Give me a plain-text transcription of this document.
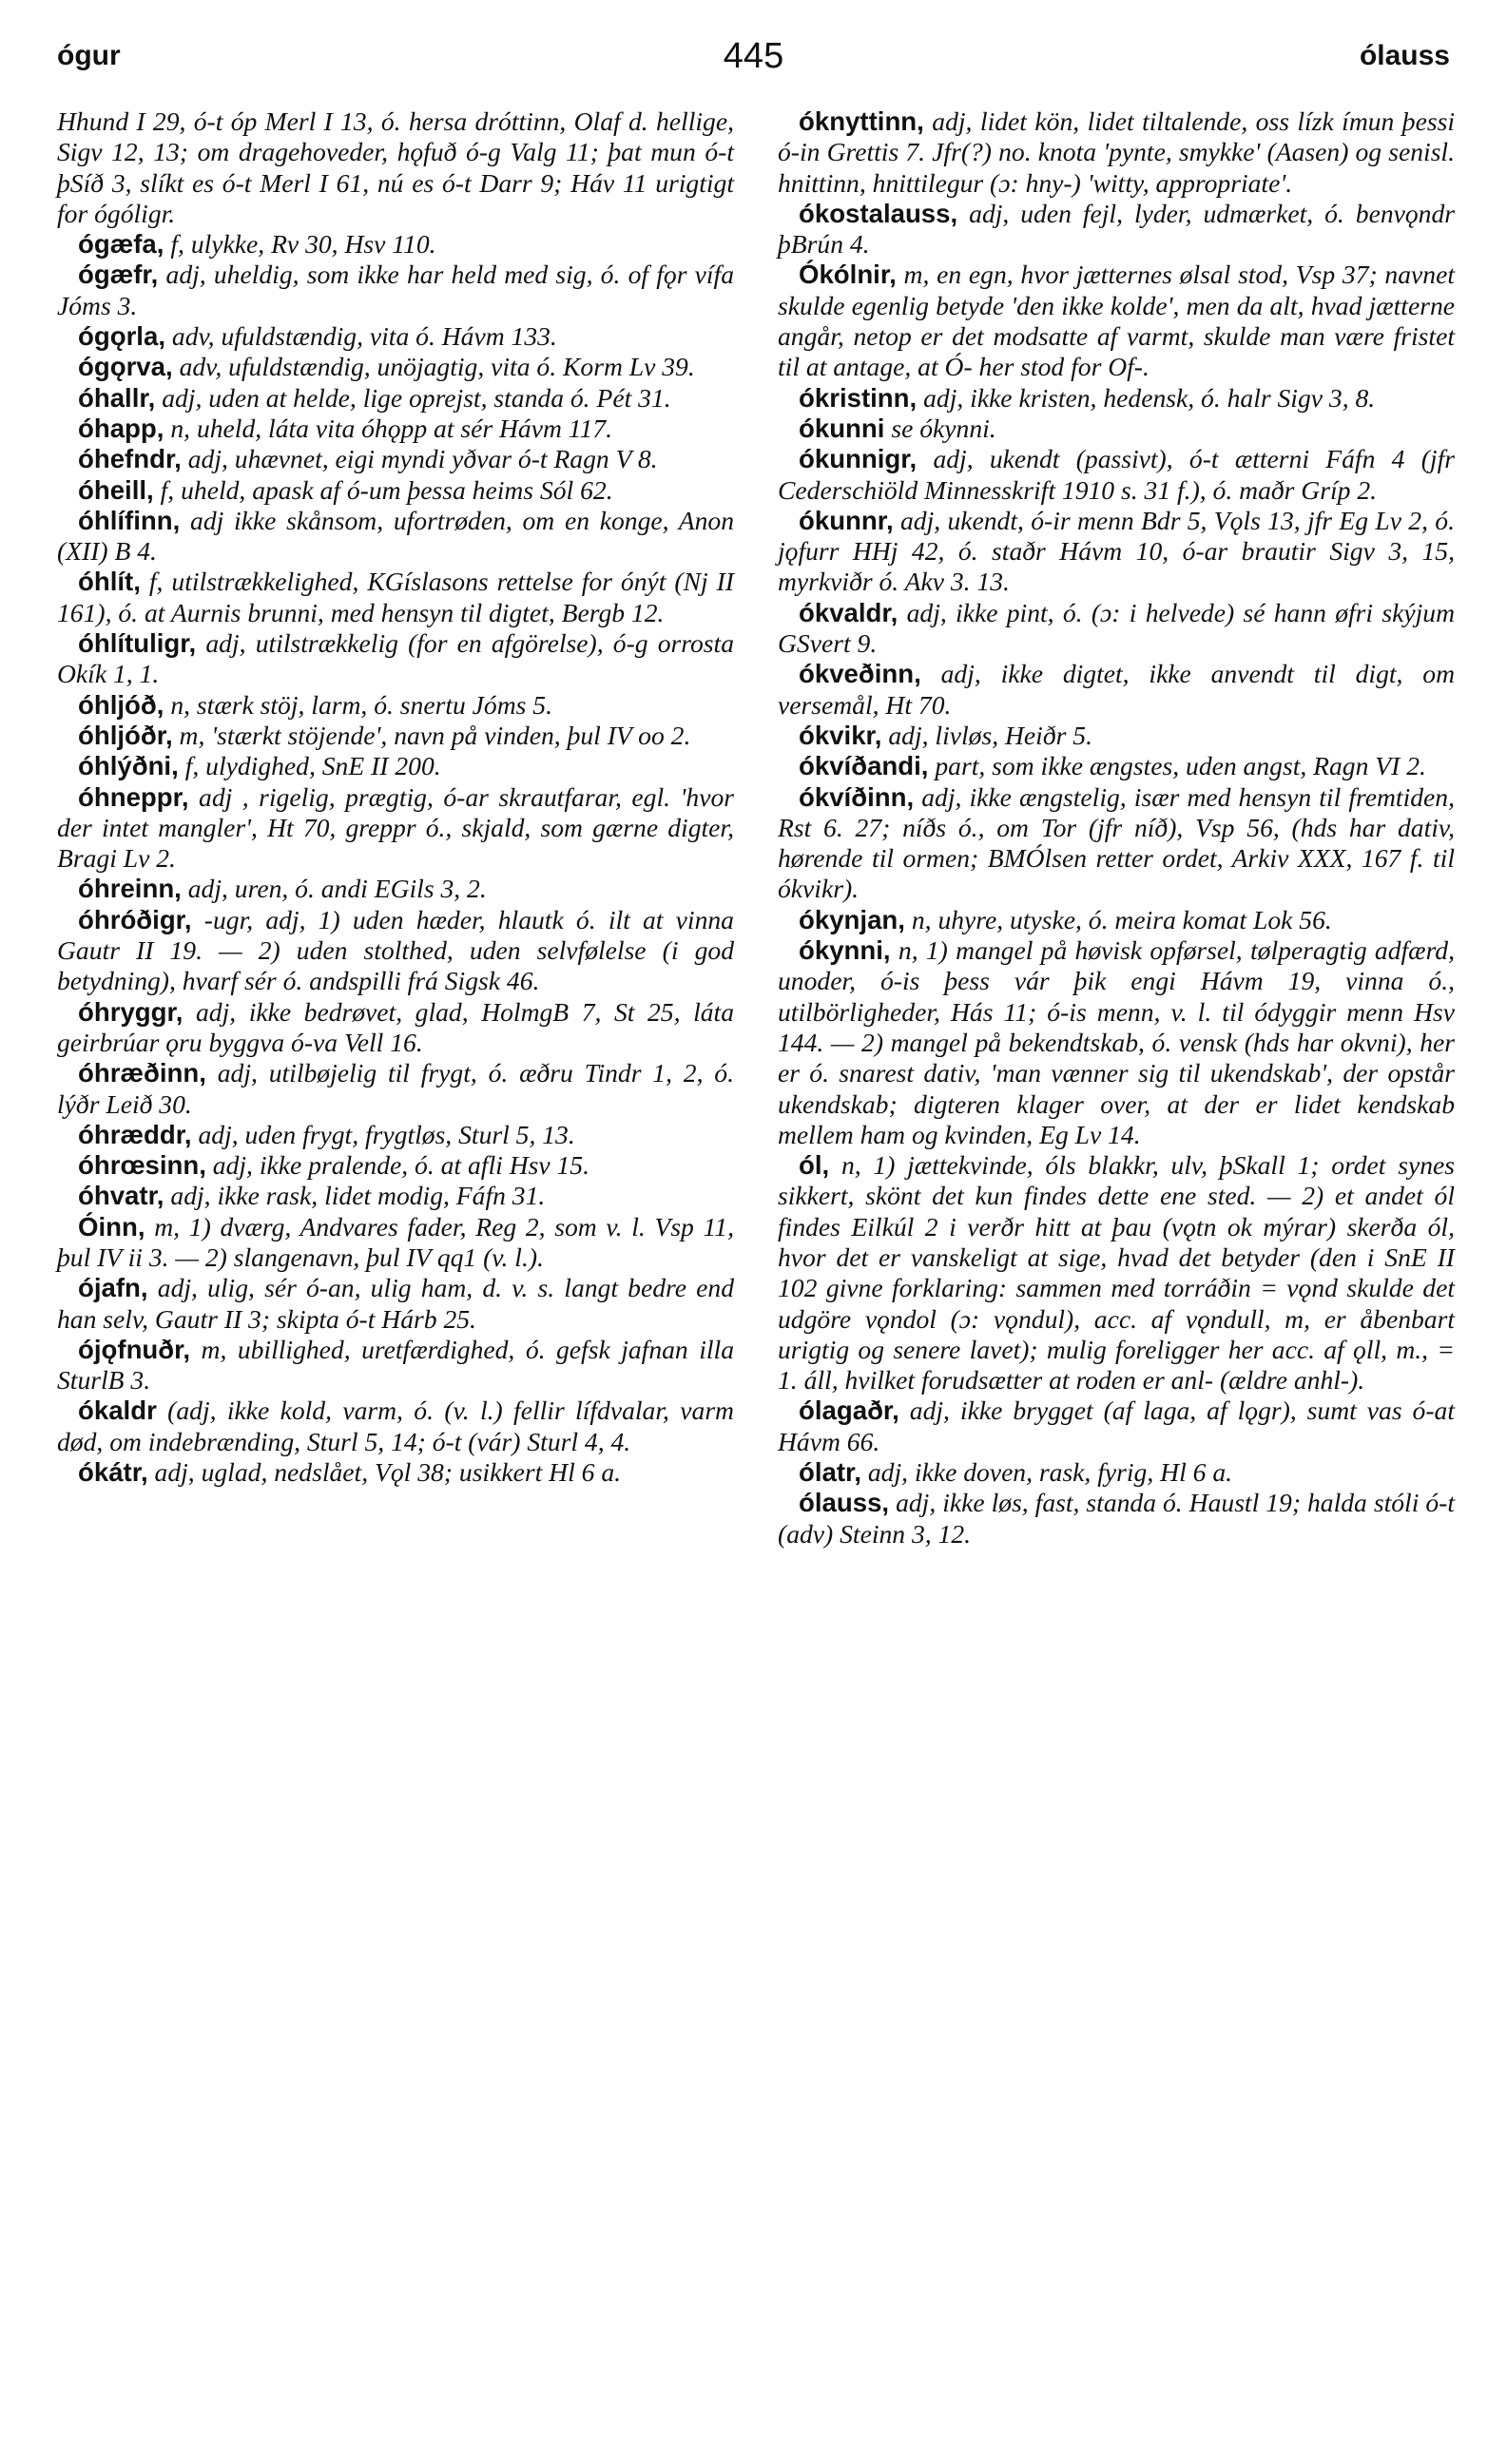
ógur	445	ólauss

Hhund I 29, ó-t óp Merl I 13, ó. hersa dróttinn, Olaf d. hellige, Sigv 12, 13; om dragehoveder, hǫfuð ó-g Valg 11; þat mun ó-t þSíð 3, slíkt es ó-t Merl I 61, nú es ó-t Darr 9; Háv 11 urigtigt for ógóligr.

ógæfa, f, ulykke, Rv 30, Hsv 110.

ógæfr, adj, uheldig, som ikke har held med sig, ó. of fǫr vífa Jóms 3.

ógǫrla, adv, ufuldstændig, vita ó. Hávm 133.

ógǫrva, adv, ufuldstændig, unöjagtig, vita ó. Korm Lv 39.

óhallr, adj, uden at helde, lige oprejst, standa ó. Pét 31.

óhapp, n, uheld, láta vita óhǫpp at sér Hávm 117.

óhefndr, adj, uhævnet, eigi myndi yðvar ó-t Ragn V 8.

óheill, f, uheld, apask af ó-um þessa heims Sól 62.

óhlífinn, adj ikke skånsom, ufortrøden, om en konge, Anon (XII) B 4.

óhlít, f, utilstrækkelighed, KGíslasons rettelse for ónýt (Nj II 161), ó. at Aurnis brunni, med hensyn til digtet, Bergb 12.

óhlítuligr, adj, utilstrækkelig (for en afgörelse), ó-g orrosta Okík 1, 1.

óhljóð, n, stærk stöj, larm, ó. snertu Jóms 5.

óhljóðr, m, 'stærkt stöjende', navn på vinden, þul IV oo 2.

óhlýðni, f, ulydighed, SnE II 200.

óhneppr, adj , rigelig, prægtig, ó-ar skrautfarar, egl. 'hvor der intet mangler', Ht 70, greppr ó., skjald, som gærne digter, Bragi Lv 2.

óhreinn, adj, uren, ó. andi EGils 3, 2.

óhróðigr, -ugr, adj, 1) uden hæder, hlautk ó. ilt at vinna Gautr II 19. — 2) uden stolthed, uden selvfølelse (i god betydning), hvarf sér ó. andspilli frá Sigsk 46.

óhryggr, adj, ikke bedrøvet, glad, HolmgB 7, St 25, láta geirbrúar ǫru byggva ó-va Vell 16.

óhræðinn, adj, utilbøjelig til frygt, ó. æðru Tindr 1, 2, ó. lýðr Leið 30.

óhræddr, adj, uden frygt, frygtløs, Sturl 5, 13.

óhrœsinn, adj, ikke pralende, ó. at afli Hsv 15.

óhvatr, adj, ikke rask, lidet modig, Fáfn 31.

Óinn, m, 1) dværg, Andvares fader, Reg 2, som v. l. Vsp 11, þul IV ii 3. — 2) slangenavn, þul IV qq1 (v. l.).

ójafn, adj, ulig, sér ó-an, ulig ham, d. v. s. langt bedre end han selv, Gautr II 3; skipta ó-t Hárb 25.

ójǫfnuðr, m, ubillighed, uretfærdighed, ó. gefsk jafnan illa SturlB 3.

ókaldr (adj, ikke kold, varm, ó. (v. l.) fellir lífdvalar, varm død, om indebrænding, Sturl 5, 14; ó-t (vár) Sturl 4, 4.

ókátr, adj, uglad, nedslået, Vǫl 38; usikkert Hl 6 a.

óknyttinn, adj, lidet kön, lidet tiltalende, oss lízk ímun þessi ó-in Grettis 7. Jfr(?) no. knota 'pynte, smykke' (Aasen) og senisl. hnittinn, hnittilegur (ɔ: hny-) 'witty, appropriate'.

ókostalauss, adj, uden fejl, lyder, udmærket, ó. benvǫndr þBrún 4.

Ókólnir, m, en egn, hvor jætternes ølsal stod, Vsp 37; navnet skulde egenlig betyde 'den ikke kolde', men da alt, hvad jætterne angår, netop er det modsatte af varmt, skulde man være fristet til at antage, at Ó- her stod for Of-.

ókristinn, adj, ikke kristen, hedensk, ó. halr Sigv 3, 8.

ókunni se ókynni.

ókunnigr, adj, ukendt (passivt), ó-t ætterni Fáfn 4 (jfr Cederschiöld Minnesskrift 1910 s. 31 f.), ó. maðr Gríp 2.

ókunnr, adj, ukendt, ó-ir menn Bdr 5, Vǫls 13, jfr Eg Lv 2, ó. jǫfurr HHj 42, ó. staðr Hávm 10, ó-ar brautir Sigv 3, 15, myrkviðr ó. Akv 3. 13.

ókvaldr, adj, ikke pint, ó. (ɔ: i helvede) sé hann øfri skýjum GSvert 9.

ókveðinn, adj, ikke digtet, ikke anvendt til digt, om versemål, Ht 70.

ókvikr, adj, livløs, Heiðr 5.

ókvíðandi, part, som ikke ængstes, uden angst, Ragn VI 2.

ókvíðinn, adj, ikke ængstelig, især med hensyn til fremtiden, Rst 6. 27; níðs ó., om Tor (jfr níð), Vsp 56, (hds har dativ, hørende til ormen; BMÓlsen retter ordet, Arkiv XXX, 167 f. til ókvikr).

ókynjan, n, uhyre, utyske, ó. meira komat Lok 56.

ókynni, n, 1) mangel på høvisk opførsel, tølperagtig adfærd, unoder, ó-is þess vár þik engi Hávm 19, vinna ó., utilbörligheder, Hás 11; ó-is menn, v. l. til ódyggir menn Hsv 144. — 2) mangel på bekendtskab, ó. vensk (hds har okvni), her er ó. snarest dativ, 'man vænner sig til ukendskab', der opstår ukendskab; digteren klager over, at der er lidet kendskab mellem ham og kvinden, Eg Lv 14.

ól, n, 1) jættekvinde, óls blakkr, ulv, þSkall 1; ordet synes sikkert, skönt det kun findes dette ene sted. — 2) et andet ól findes Eilkúl 2 i verðr hitt at þau (vǫtn ok mýrar) skerða ól, hvor det er vanskeligt at sige, hvad det betyder (den i SnE II 102 givne forklaring: sammen med torráðin = vǫnd skulde det udgöre vǫndol (ɔ: vǫndul), acc. af vǫndull, m, er åbenbart urigtig og senere lavet); mulig foreligger her acc. af ǫll, m., = 1. áll, hvilket forudsætter at roden er anl- (ældre anhl-).

ólagaðr, adj, ikke brygget (af laga, af lǫgr), sumt vas ó-at Hávm 66.

ólatr, adj, ikke doven, rask, fyrig, Hl 6 a.

ólauss, adj, ikke løs, fast, standa ó. Haustl 19; halda stóli ó-t (adv) Steinn 3, 12.
